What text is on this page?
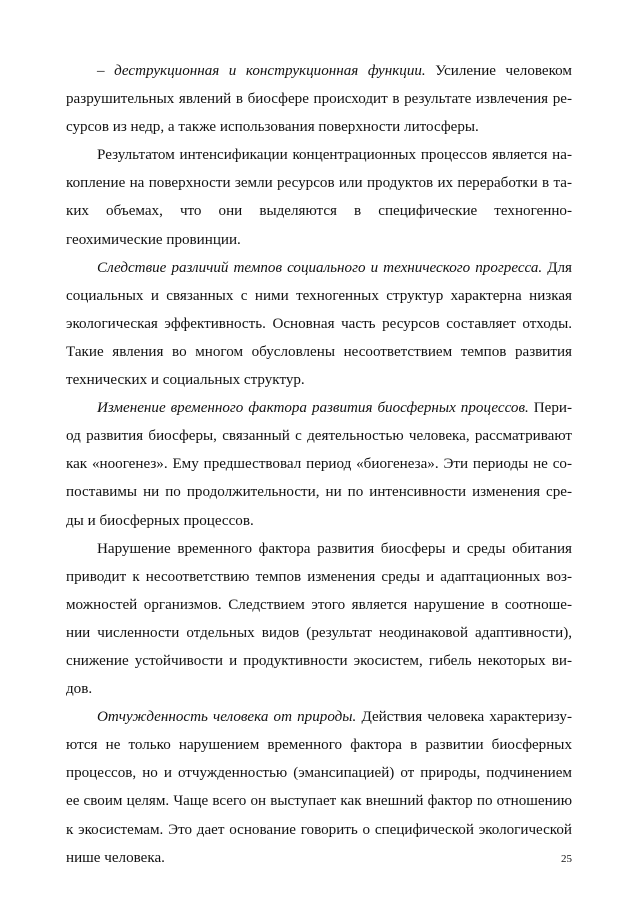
– деструкционная и конструкционная функции. Усиление человеком
разрушительных явлений в биосфере происходит в результате извлечения ре-
сурсов из недр, а также использования поверхности литосферы.
Результатом интенсификации концентрационных процессов является на-
копление на поверхности земли ресурсов или продуктов их переработки в та-
ких объемах, что они выделяются в специфические техногенно-
геохимические провинции.
Следствие различий темпов социального и технического прогресса. Для
социальных и связанных с ними техногенных структур характерна низкая
экологическая эффективность. Основная часть ресурсов составляет отходы.
Такие явления во многом обусловлены несоответствием темпов развития
технических и социальных структур.
Изменение временного фактора развития биосферных процессов. Пери-
од развития биосферы, связанный с деятельностью человека, рассматривают
как «ноогенез». Ему предшествовал период «биогенеза». Эти периоды не со-
поставимы ни по продолжительности, ни по интенсивности изменения сре-
ды и биосферных процессов.
Нарушение временного фактора развития биосферы и среды обитания
приводит к несоответствию темпов изменения среды и адаптационных воз-
можностей организмов. Следствием этого является нарушение в соотноше-
нии численности отдельных видов (результат неодинаковой адаптивности),
снижение устойчивости и продуктивности экосистем, гибель некоторых ви-
дов.
Отчужденность человека от природы. Действия человека характеризу-
ются не только нарушением временного фактора в развитии биосферных
процессов, но и отчужденностью (эмансипацией) от природы, подчинением
ее своим целям. Чаще всего он выступает как внешний фактор по отношению
к экосистемам. Это дает основание говорить о специфической экологической
нише человека.	25
